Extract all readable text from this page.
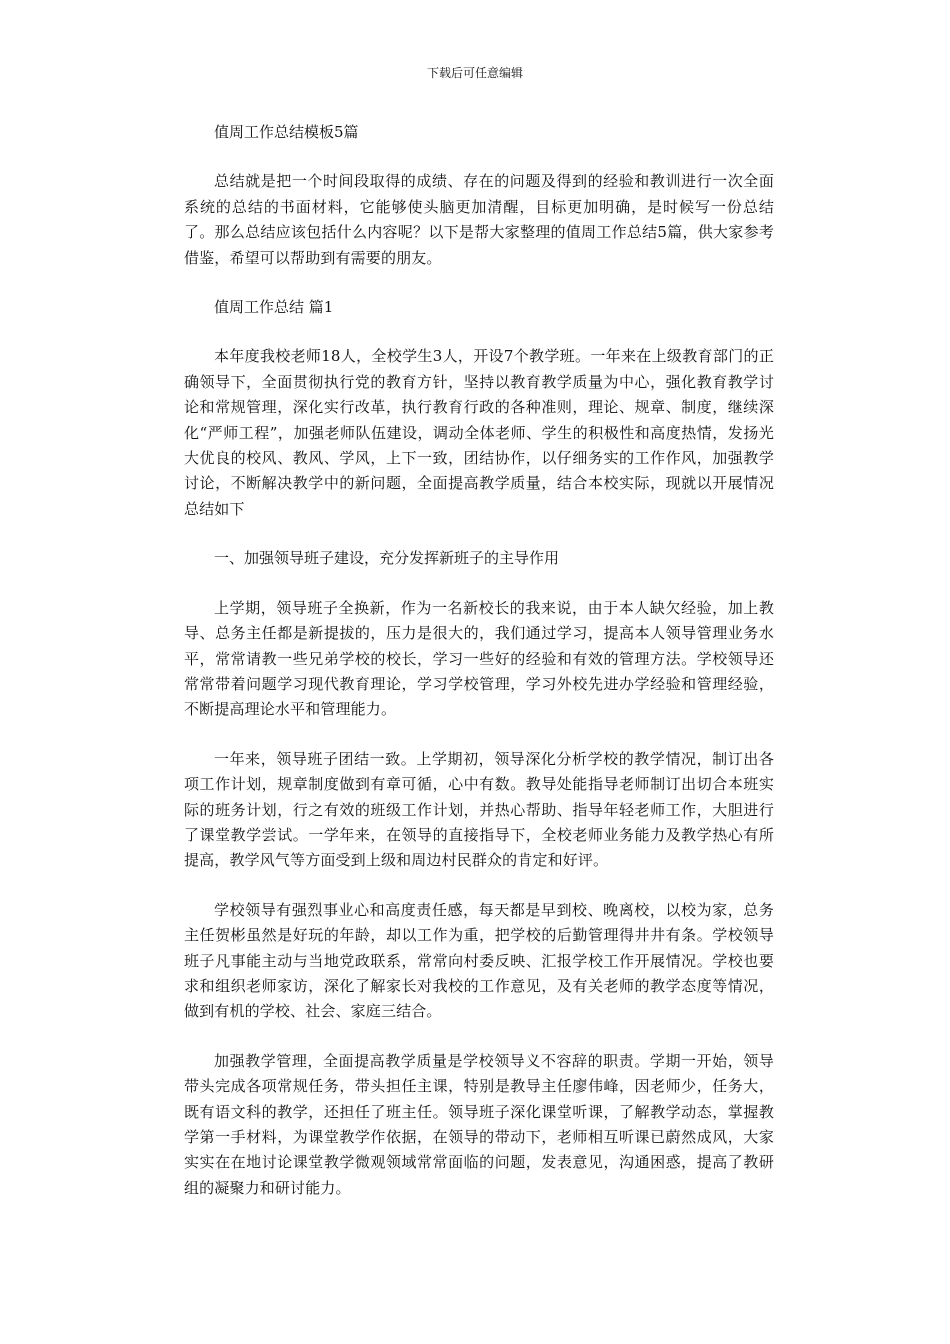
下载后可任意编辑

值周工作总结模板5篇

总结就是把一个时间段取得的成绩、存在的问题及得到的经验和教训进行一次全面系统的总结的书面材料，它能够使头脑更加清醒，目标更加明确，是时候写一份总结了。那么总结应该包括什么内容呢？以下是帮大家整理的值周工作总结5篇，供大家参考借鉴，希望可以帮助到有需要的朋友。

值周工作总结 篇1

本年度我校老师18人，全校学生3人，开设7个教学班。一年来在上级教育部门的正确领导下，全面贯彻执行党的教育方针，坚持以教育教学质量为中心，强化教育教学讨论和常规管理，深化实行改革，执行教育行政的各种准则，理论、规章、制度，继续深化“严师工程”，加强老师队伍建设，调动全体老师、学生的积极性和高度热情，发扬光大优良的校风、教风、学风，上下一致，团结协作，以仔细务实的工作作风，加强教学讨论，不断解决教学中的新问题，全面提高教学质量，结合本校实际，现就以开展情况总结如下

一、加强领导班子建设，充分发挥新班子的主导作用

上学期，领导班子全换新，作为一名新校长的我来说，由于本人缺欠经验，加上教导、总务主任都是新提拔的，压力是很大的，我们通过学习，提高本人领导管理业务水平，常常请教一些兄弟学校的校长，学习一些好的经验和有效的管理方法。学校领导还常常带着问题学习现代教育理论，学习学校管理，学习外校先进办学经验和管理经验，不断提高理论水平和管理能力。

一年来，领导班子团结一致。上学期初，领导深化分析学校的教学情况，制订出各项工作计划，规章制度做到有章可循，心中有数。教导处能指导老师制订出切合本班实际的班务计划，行之有效的班级工作计划，并热心帮助、指导年轻老师工作，大胆进行了课堂教学尝试。一学年来，在领导的直接指导下，全校老师业务能力及教学热心有所提高，教学风气等方面受到上级和周边村民群众的肯定和好评。

学校领导有强烈事业心和高度责任感，每天都是早到校、晚离校，以校为家，总务主任贺彬虽然是好玩的年龄，却以工作为重，把学校的后勤管理得井井有条。学校领导班子凡事能主动与当地党政联系，常常向村委反映、汇报学校工作开展情况。学校也要求和组织老师家访，深化了解家长对我校的工作意见，及有关老师的教学态度等情况，做到有机的学校、社会、家庭三结合。

加强教学管理，全面提高教学质量是学校领导义不容辞的职责。学期一开始，领导带头完成各项常规任务，带头担任主课，特别是教导主任廖伟峰，因老师少，任务大，既有语文科的教学，还担任了班主任。领导班子深化课堂听课，了解教学动态，掌握教学第一手材料，为课堂教学作依据，在领导的带动下，老师相互听课已蔚然成风，大家实实在在地讨论课堂教学微观领域常常面临的问题，发表意见，沟通困惑，提高了教研组的凝聚力和研讨能力。
